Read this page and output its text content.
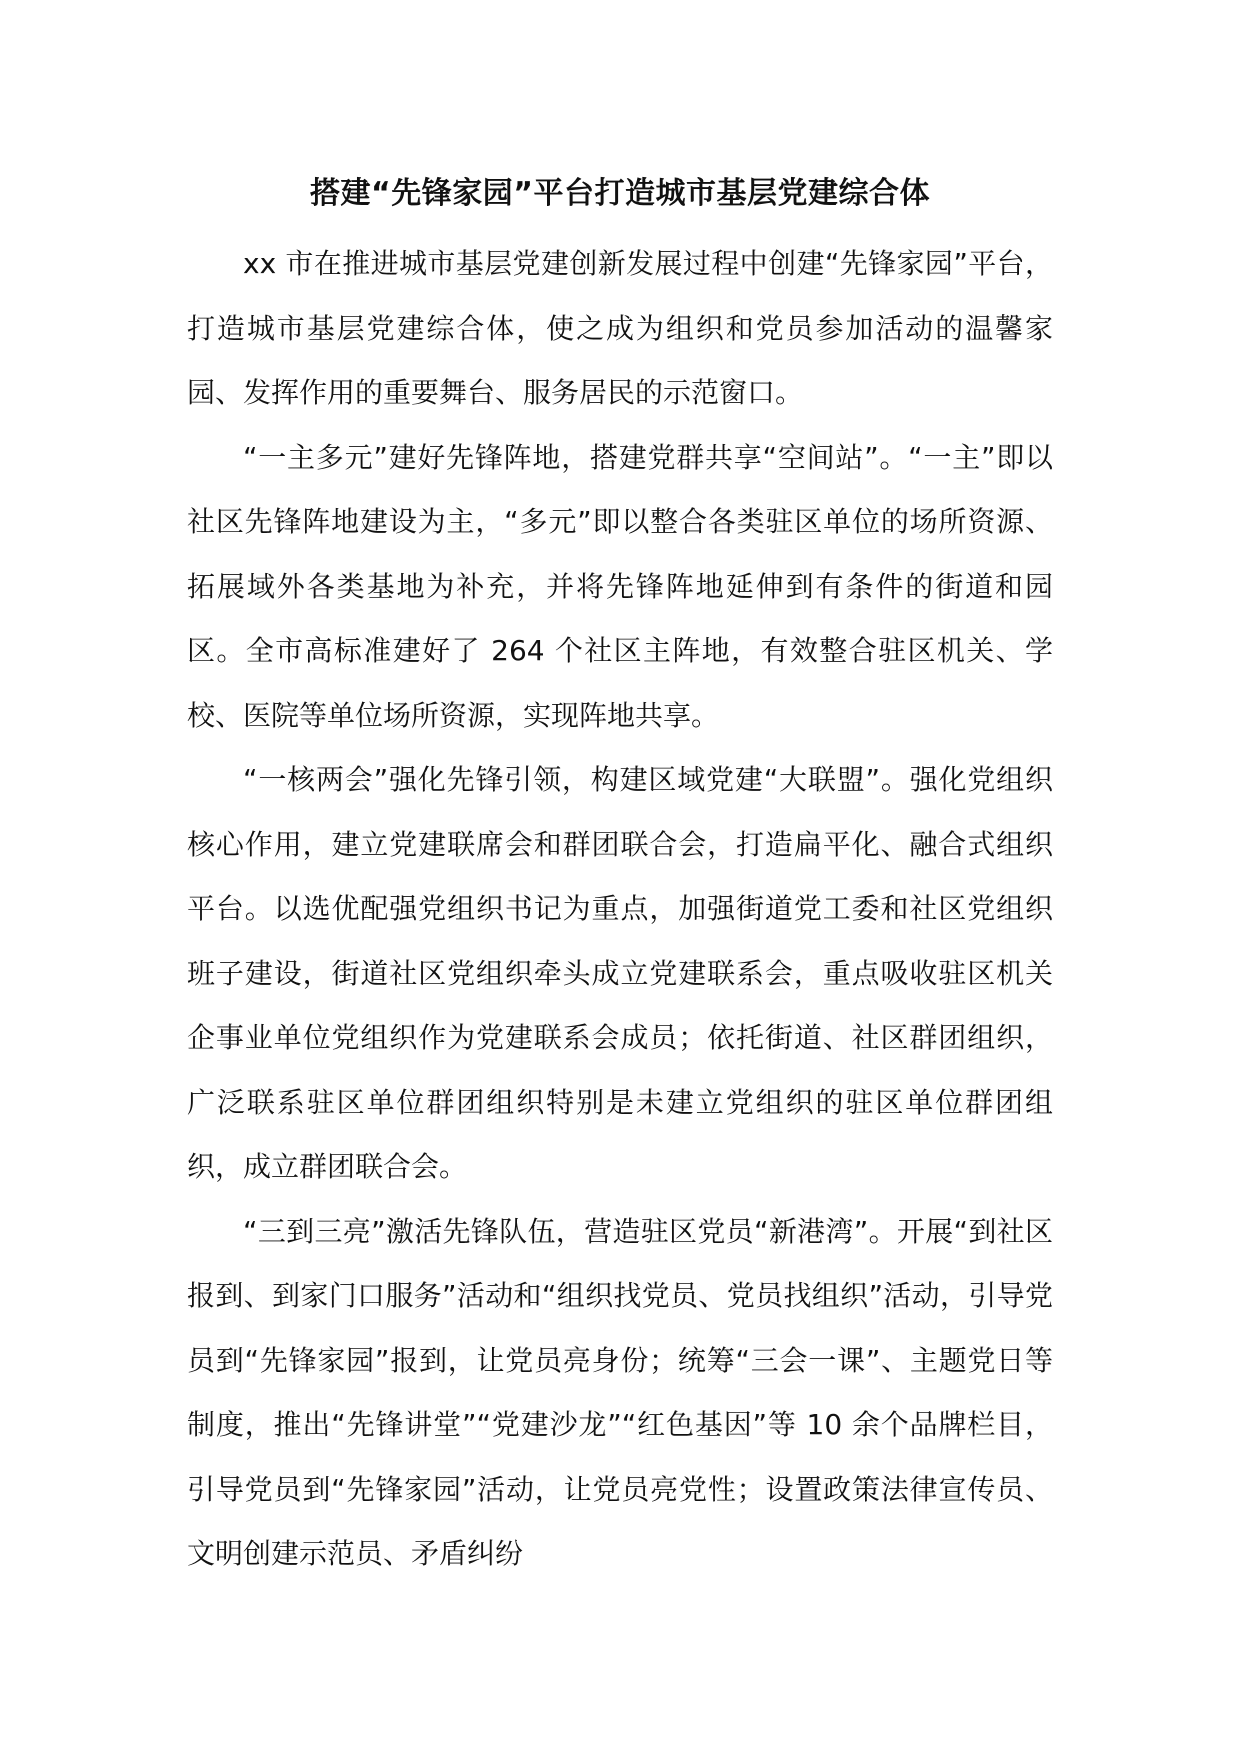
搭建“先锋家园”平台打造城市基层党建综合体

xx 市在推进城市基层党建创新发展过程中创建“先锋家园”平台，打造城市基层党建综合体，使之成为组织和党员参加活动的温馨家园、发挥作用的重要舞台、服务居民的示范窗口。

“一主多元”建好先锋阵地，搭建党群共享“空间站”。“一主”即以社区先锋阵地建设为主，“多元”即以整合各类驻区单位的场所资源、拓展域外各类基地为补充，并将先锋阵地延伸到有条件的街道和园区。全市高标准建好了 264 个社区主阵地，有效整合驻区机关、学校、医院等单位场所资源，实现阵地共享。

“一核两会”强化先锋引领，构建区域党建“大联盟”。强化党组织核心作用，建立党建联席会和群团联合会，打造扁平化、融合式组织平台。以选优配强党组织书记为重点，加强街道党工委和社区党组织班子建设，街道社区党组织牵头成立党建联系会，重点吸收驻区机关企事业单位党组织作为党建联系会成员；依托街道、社区群团组织，广泛联系驻区单位群团组织特别是未建立党组织的驻区单位群团组织，成立群团联合会。

“三到三亮”激活先锋队伍，营造驻区党员“新港湾”。开展“到社区报到、到家门口服务”活动和“组织找党员、党员找组织”活动，引导党员到“先锋家园”报到，让党员亮身份；统筹“三会一课”、主题党日等制度，推出“先锋讲堂”“党建沙龙”“红色基因”等 10 余个品牌栏目，引导党员到“先锋家园”活动，让党员亮党性；设置政策法律宣传员、文明创建示范员、矛盾纠纷
